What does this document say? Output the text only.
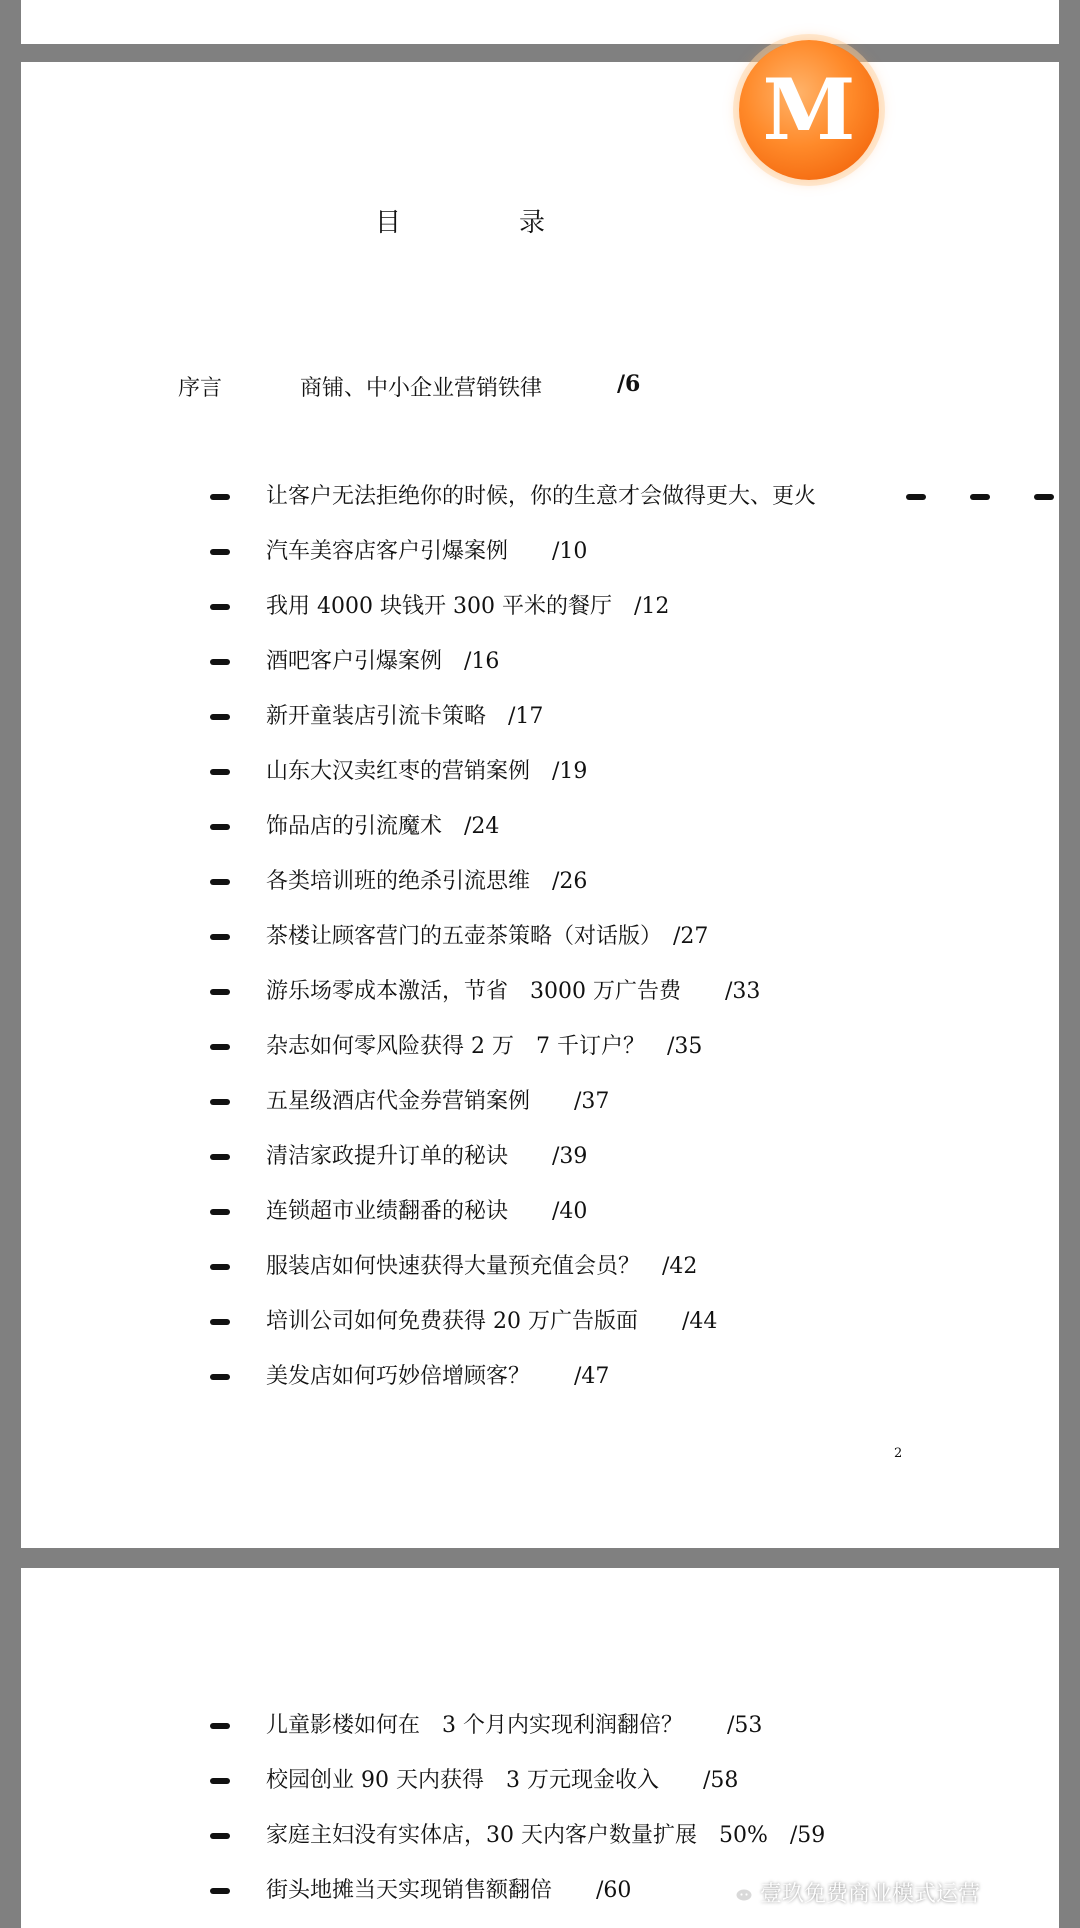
M
目　录
序言	商铺、中小企业营销铁律	/6
让客户无法拒绝你的时候，你的生意才会做得更大、更火
汽车美容店客户引爆案例　　/10
我用 4000 块钱开 300 平米的餐厅　/12
酒吧客户引爆案例　/16
新开童装店引流卡策略　/17
山东大汉卖红枣的营销案例　/19
饰品店的引流魔术　/24
各类培训班的绝杀引流思维　/26
茶楼让顾客营门的五壶茶策略（对话版）　/27
游乐场零成本激活，节省　3000 万广告费　　/33
杂志如何零风险获得 2 万　7 千订户？　/35
五星级酒店代金券营销案例　　/37
清洁家政提升订单的秘诀　　/39
连锁超市业绩翻番的秘诀　　/40
服装店如何快速获得大量预充值会员？　/42
培训公司如何免费获得 20 万广告版面　　/44
美发店如何巧妙倍增顾客？　　/47
2
儿童影楼如何在　3 个月内实现利润翻倍？　　/53
校园创业 90 天内获得　3 万元现金收入　　/58
家庭主妇没有实体店，30 天内客户数量扩展　50%　/59
街头地摊当天实现销售额翻倍　　/60	壹玖免费商业模式运营
